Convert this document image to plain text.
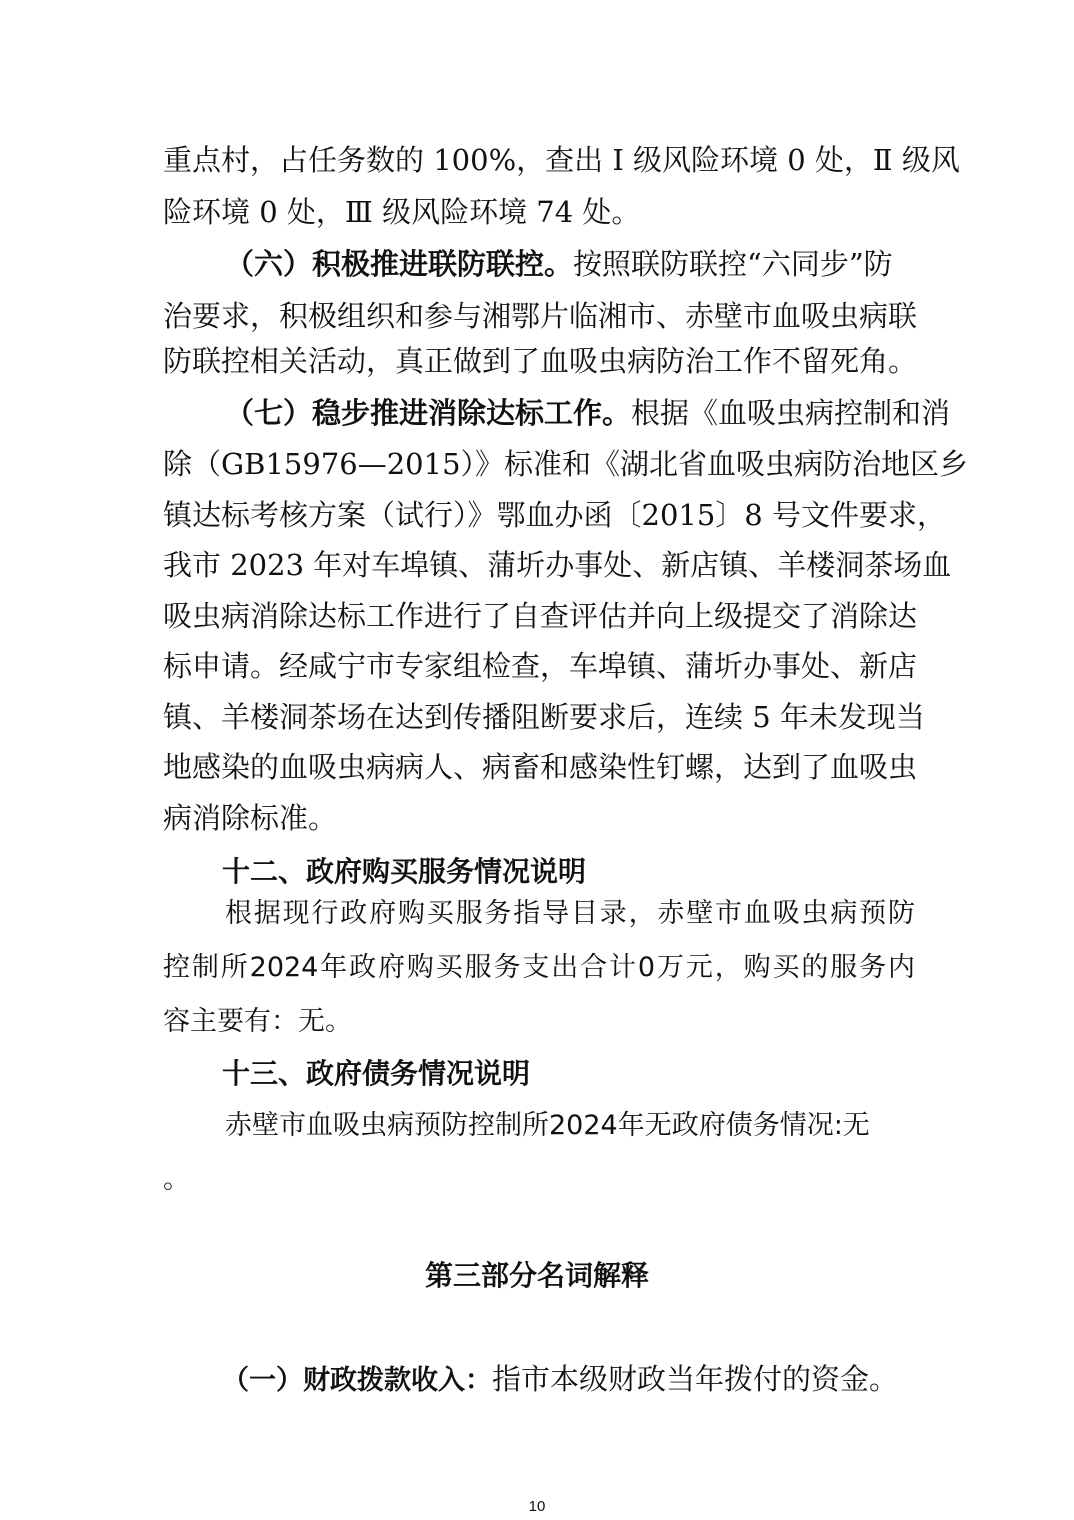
重点村，占任务数的 100%，查出 Ⅰ 级风险环境 0 处，Ⅱ 级风
险环境 0 处，Ⅲ 级风险环境 74 处。
（六）积极推进联防联控。按照联防联控“六同步”防
治要求，积极组织和参与湘鄂片临湘市、赤壁市血吸虫病联
防联控相关活动，真正做到了血吸虫病防治工作不留死角。
（七）稳步推进消除达标工作。根据《血吸虫病控制和消
除（GB15976—2015）》标准和《湖北省血吸虫病防治地区乡
镇达标考核方案（试行）》鄂血办函〔2015〕8 号文件要求，
我市 2023 年对车埠镇、蒲圻办事处、新店镇、羊楼洞茶场血
吸虫病消除达标工作进行了自查评估并向上级提交了消除达
标申请。经咸宁市专家组检查，车埠镇、蒲圻办事处、新店
镇、羊楼洞茶场在达到传播阻断要求后，连续 5 年未发现当
地感染的血吸虫病病人、病畜和感染性钉螺，达到了血吸虫
病消除标准。
十二、政府购买服务情况说明
根据现行政府购买服务指导目录，赤壁市血吸虫病预防
控制所2024年政府购买服务支出合计0万元，购买的服务内
容主要有：无。
十三、政府债务情况说明
赤壁市血吸虫病预防控制所2024年无政府债务情况:无
。
第三部分名词解释
（一）财政拨款收入：指市本级财政当年拨付的资金。
10
